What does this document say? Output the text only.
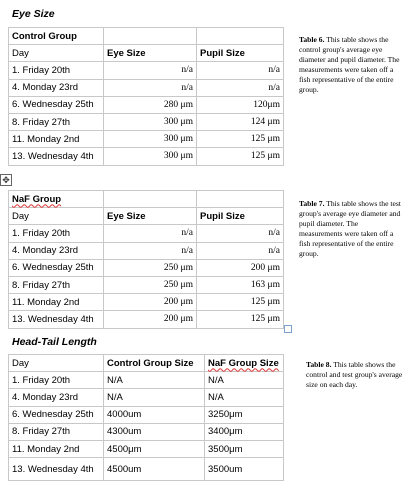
Eye Size
Control Group		
Day	Eye Size	Pupil Size
1. Friday 20th	n/a	n/a
4. Monday 23rd	n/a	n/a
6. Wednesday 25th	280 μm	120μm
8. Friday 27th	300 μm	124 μm
11. Monday 2nd	300 μm	125 μm
13. Wednesday 4th	300 μm	125 μm
Table 6. This table shows the control group's average eye diameter and pupil diameter. The measurements were taken off a fish representative of the entire group.
✥
NaF Group		
Day	Eye Size	Pupil Size
1. Friday 20th	n/a	n/a
4. Monday 23rd	n/a	n/a
6. Wednesday 25th	250 μm	200 μm
8. Friday 27th	250 μm	163 μm
11. Monday 2nd	200 μm	125 μm
13. Wednesday 4th	200 μm	125 μm
Table 7. This table shows the test group's average eye diameter and pupil diameter. The measurements were taken off a fish representative of the entire group.
Head-Tail Length
Day	Control Group Size	NaF Group Size
1. Friday 20th	N/A	N/A
4. Monday 23rd	N/A	N/A
6. Wednesday 25th	4000um	3250μm
8. Friday 27th	4300um	3400μm
11. Monday 2nd	4500μm	3500μm
13. Wednesday 4th	4500um	3500um
Table 8. This table shows the control and test group's average size on each day.
